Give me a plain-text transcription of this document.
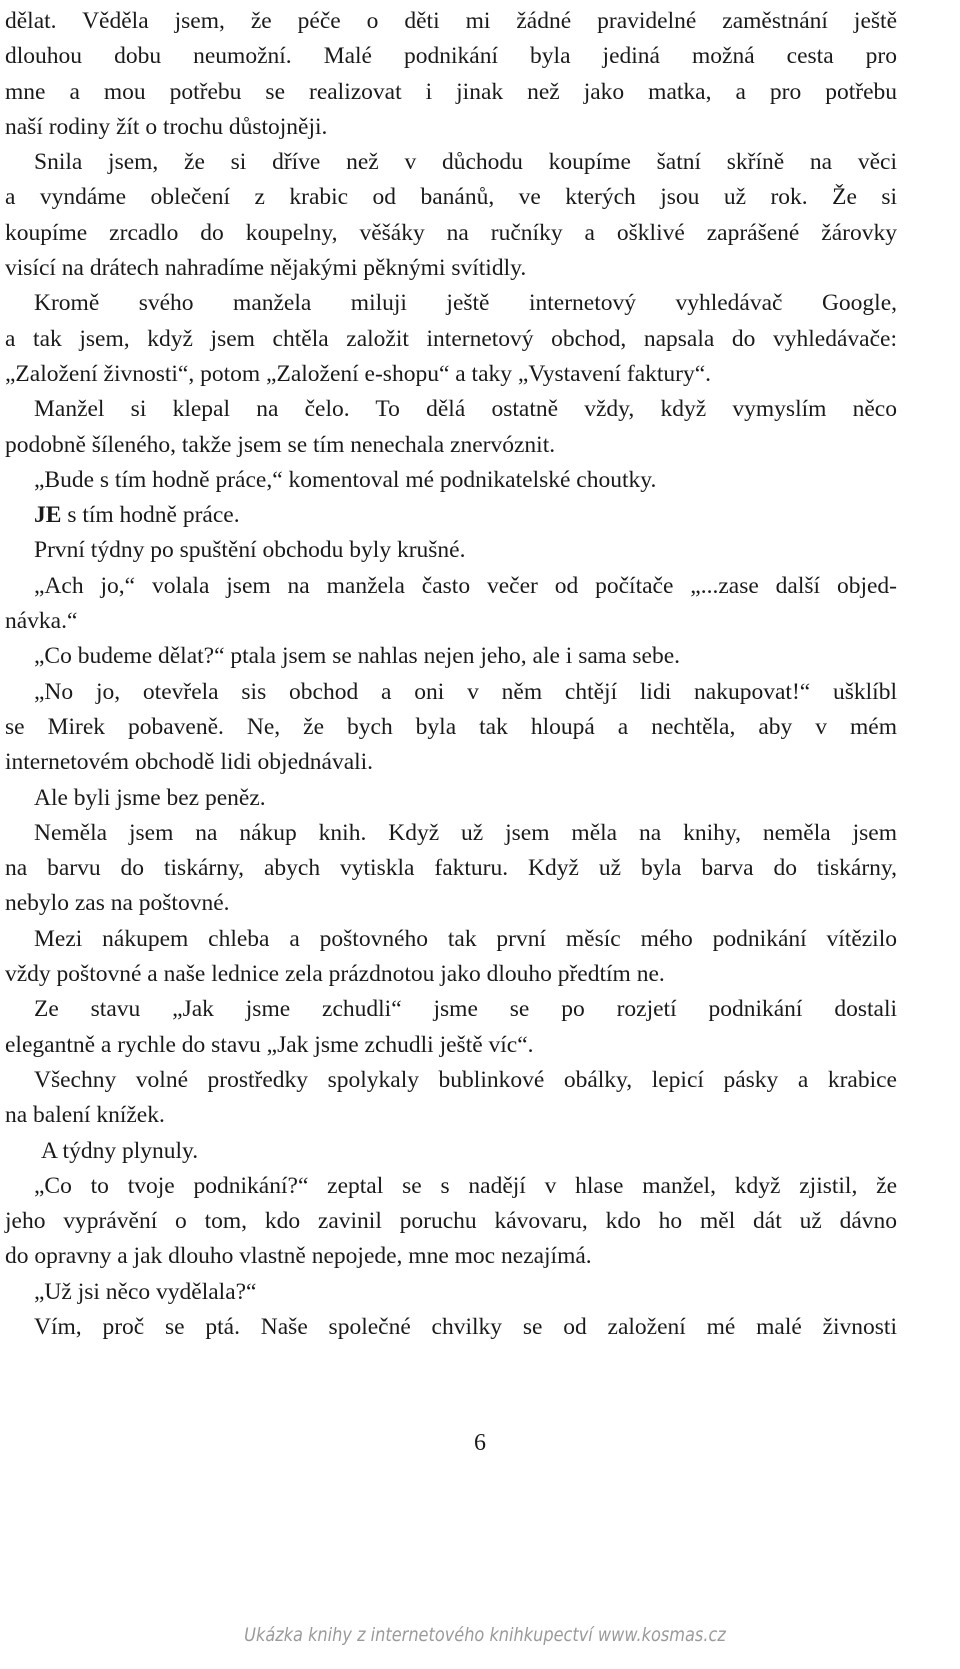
dělat. Věděla jsem, že péče o děti mi žádné pravidelné zaměstnání ještě
dlouhou dobu neumožní. Malé podnikání byla jediná možná cesta pro
mne a mou potřebu se realizovat i jinak než jako matka, a pro potřebu
naší rodiny žít o trochu důstojněji.
Snila jsem, že si dříve než v důchodu koupíme šatní skříně na věci
a vyndáme oblečení z krabic od banánů, ve kterých jsou už rok. Že si
koupíme zrcadlo do koupelny, věšáky na ručníky a ošklivé zaprášené žárovky
visící na drátech nahradíme nějakými pěknými svítidly.
Kromě svého manžela miluji ještě internetový vyhledávač Google,
a tak jsem, když jsem chtěla založit internetový obchod, napsala do vyhledávače:
„Založení živnosti“, potom „Založení e-shopu“ a taky „Vystavení faktury“.
Manžel si klepal na čelo. To dělá ostatně vždy, když vymyslím něco
podobně šíleného, takže jsem se tím nenechala znervóznit.
„Bude s tím hodně práce,“ komentoval mé podnikatelské choutky.
JE s tím hodně práce.
První týdny po spuštění obchodu byly krušné.
„Ach jo,“ volala jsem na manžela často večer od počítače „...zase další objed-
návka.“
„Co budeme dělat?“ ptala jsem se nahlas nejen jeho, ale i sama sebe.
„No jo, otevřela sis obchod a oni v něm chtějí lidi nakupovat!“ ušklíbl
se Mirek pobaveně. Ne, že bych byla tak hloupá a nechtěla, aby v mém
internetovém obchodě lidi objednávali.
Ale byli jsme bez peněz.
Neměla jsem na nákup knih. Když už jsem měla na knihy, neměla jsem
na barvu do tiskárny, abych vytiskla fakturu. Když už byla barva do tiskárny,
nebylo zas na poštovné.
Mezi nákupem chleba a poštovného tak první měsíc mého podnikání vítězilo
vždy poštovné a naše lednice zela prázdnotou jako dlouho předtím ne.
Ze stavu „Jak jsme zchudli“ jsme se po rozjetí podnikání dostali
elegantně a rychle do stavu „Jak jsme zchudli ještě víc“.
Všechny volné prostředky spolykaly bublinkové obálky, lepicí pásky a krabice
na balení knížek.
A týdny plynuly.
„Co to tvoje podnikání?“ zeptal se s nadějí v hlase manžel, když zjistil, že
jeho vyprávění o tom, kdo zavinil poruchu kávovaru, kdo ho měl dát už dávno
do opravny a jak dlouho vlastně nepojede, mne moc nezajímá.
„Už jsi něco vydělala?“
Vím, proč se ptá. Naše společné chvilky se od založení mé malé živnosti
6
Ukázka knihy z internetového knihkupectví www.kosmas.cz
